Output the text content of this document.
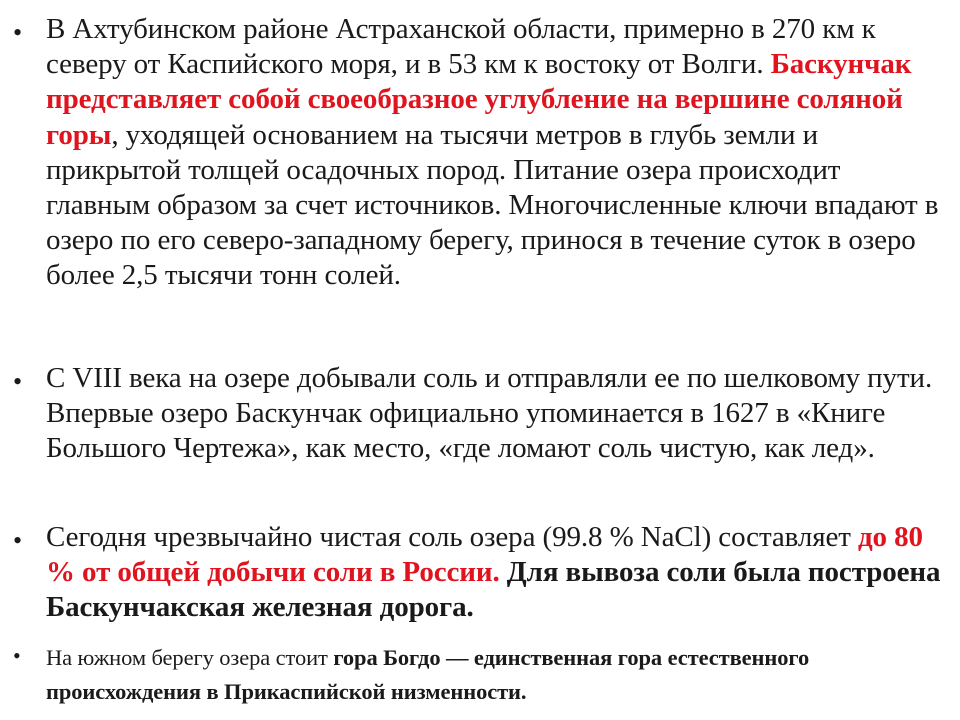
• В Ахтубинском районе Астраханской области, примерно в 270 км к северу от Каспийского моря, и в 53 км к востоку от Волги. Баскунчак представляет собой своеобразное углубление на вершине соляной горы, уходящей основанием на тысячи метров в глубь земли и прикрытой толщей осадочных пород. Питание озера происходит главным образом за счет источников. Многочисленные ключи впадают в озеро по его северо-западному берегу, принося в течение суток в озеро более 2,5 тысячи тонн солей.

• С VIII века на озере добывали соль и отправляли ее по шелковому пути. Впервые озеро Баскунчак официально упоминается в 1627 в «Книге Большого Чертежа», как место, «где ломают соль чистую, как лед».

• Сегодня чрезвычайно чистая соль озера (99.8 % NaCl) составляет до 80 % от общей добычи соли в России. Для вывоза соли была построена Баскунчакская железная дорога.

• На южном берегу озера стоит гора Богдо — единственная гора естественного происхождения в Прикаспийской низменности.
